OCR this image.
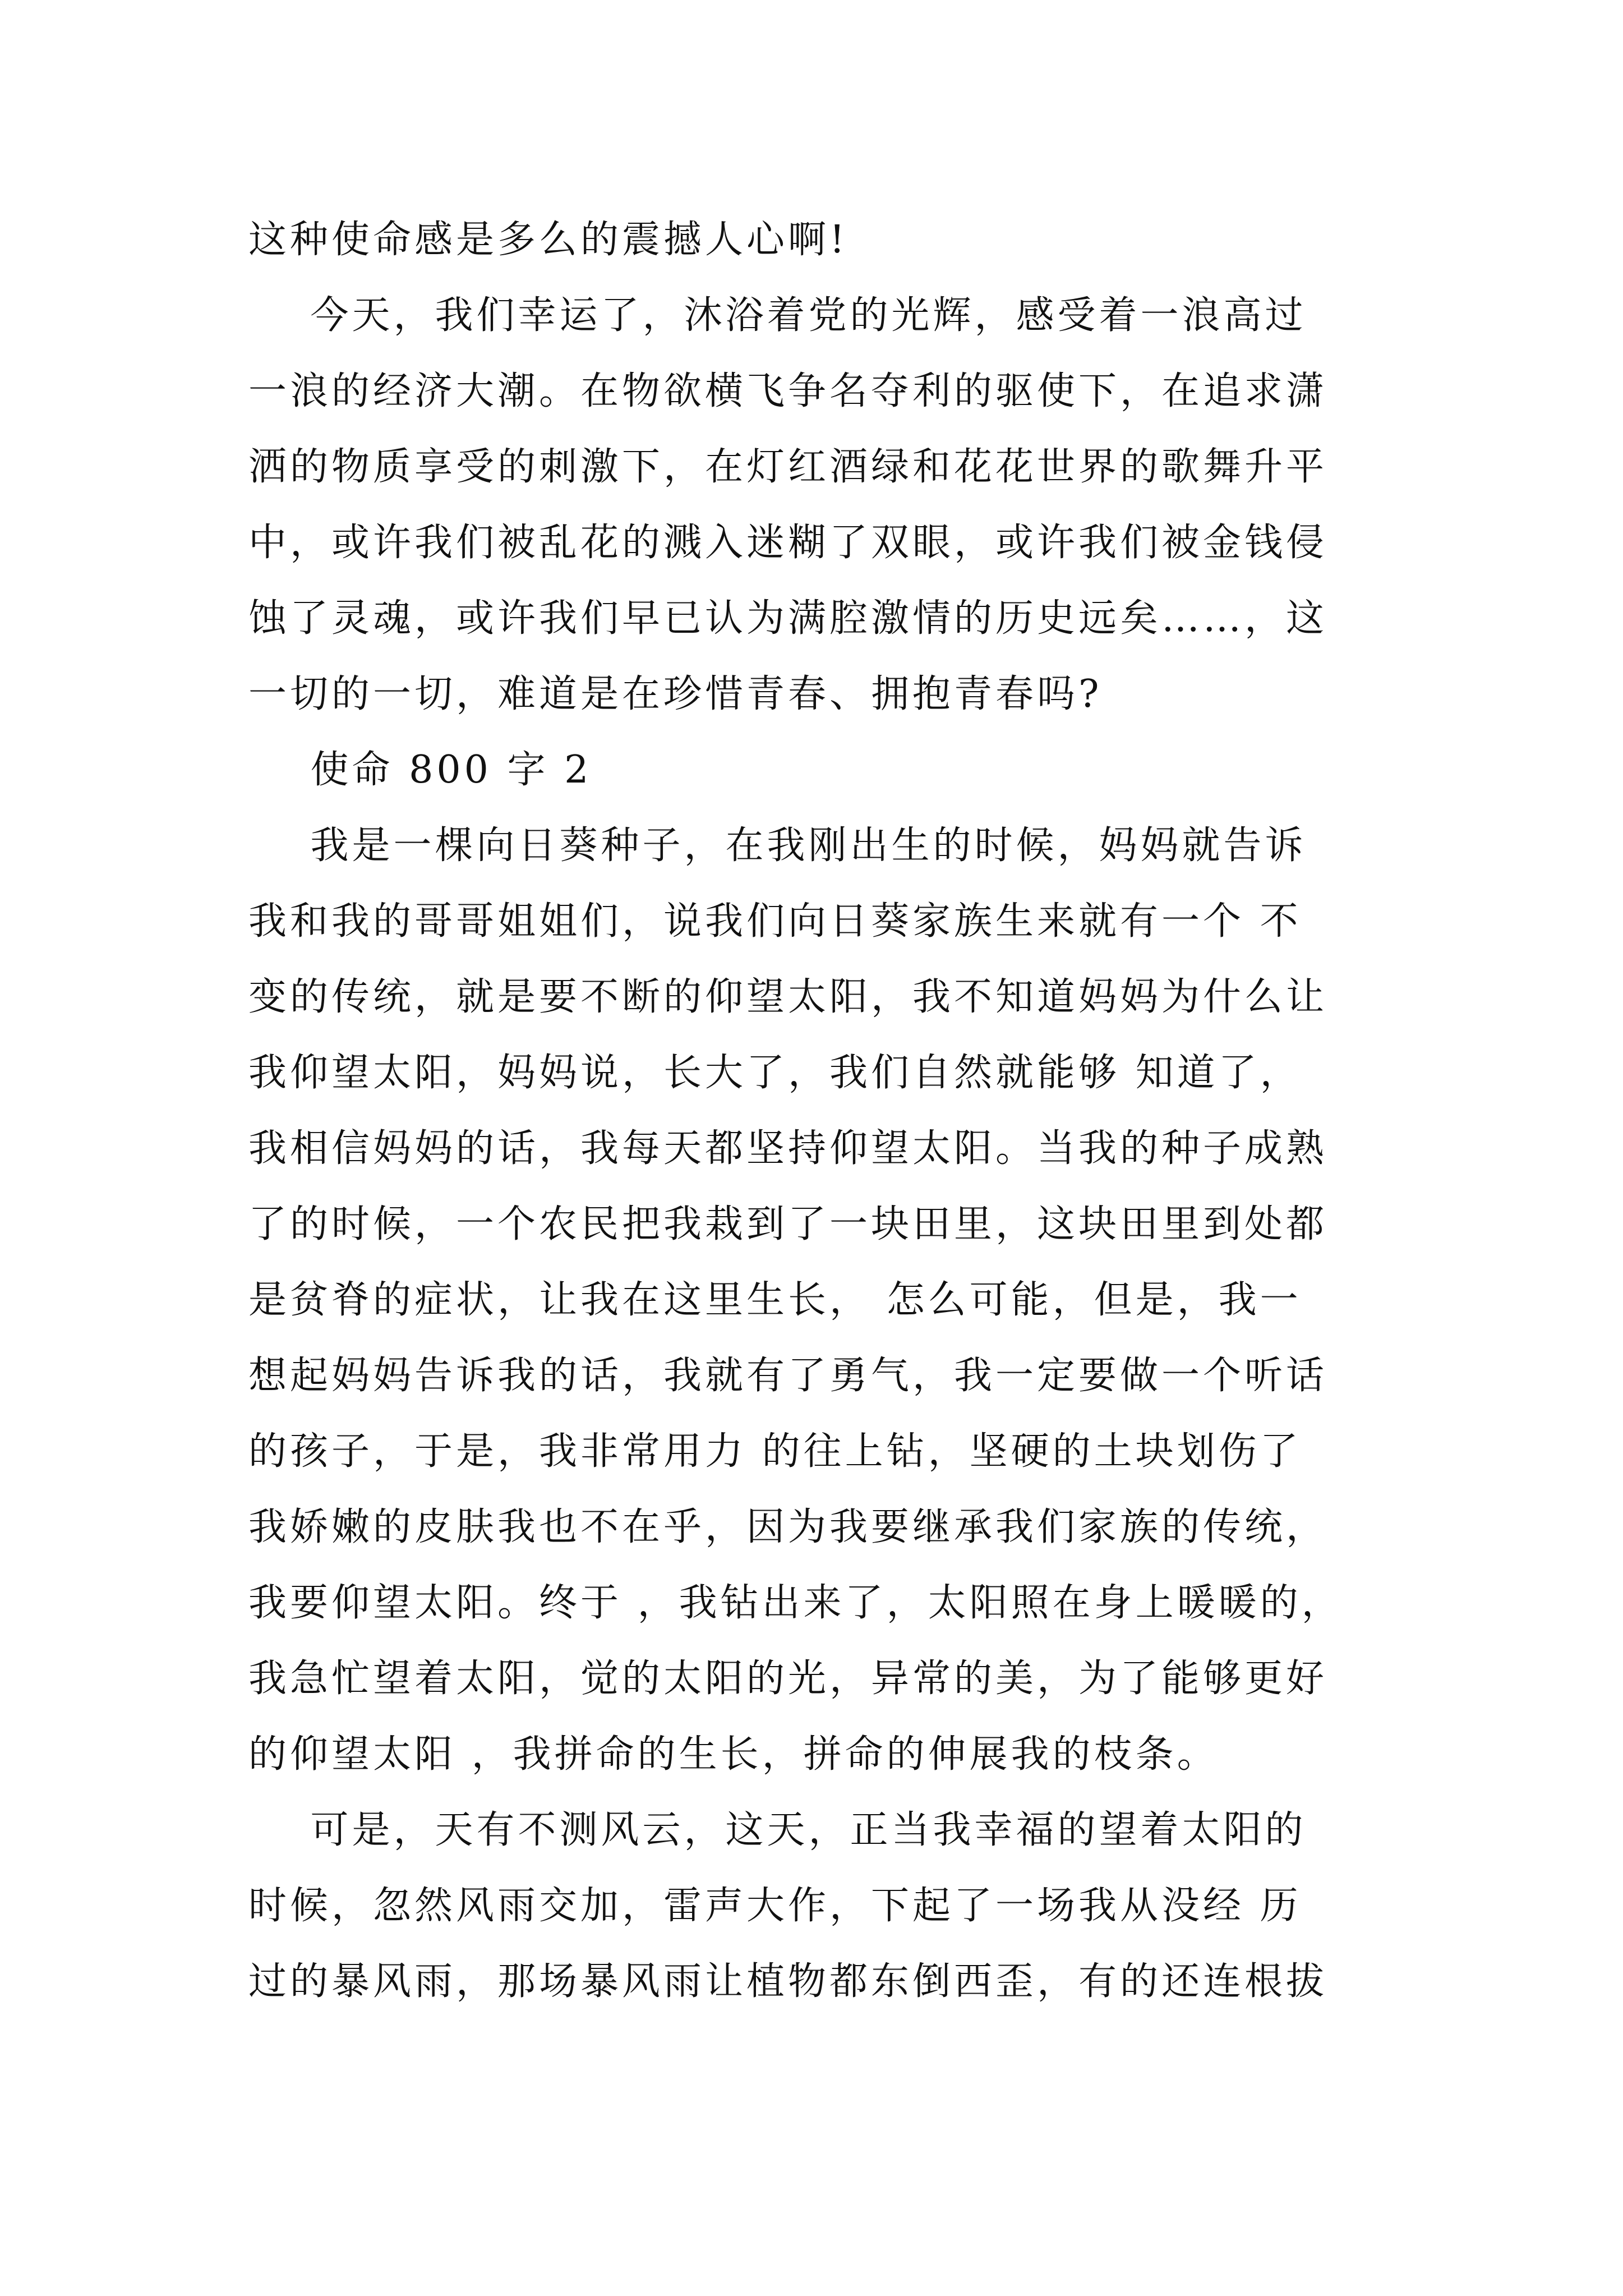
这种使命感是多么的震撼人心啊!
今天，我们幸运了，沐浴着党的光辉，感受着一浪高过
一浪的经济大潮。在物欲横飞争名夺利的驱使下，在追求潇
洒的物质享受的刺激下，在灯红酒绿和花花世界的歌舞升平
中，或许我们被乱花的溅入迷糊了双眼，或许我们被金钱侵
蚀了灵魂，或许我们早已认为满腔激情的历史远矣……，这
一切的一切，难道是在珍惜青春、拥抱青春吗?
使命 800 字 2
我是一棵向日葵种子，在我刚出生的时候，妈妈就告诉
我和我的哥哥姐姐们，说我们向日葵家族生来就有一个 不
变的传统，就是要不断的仰望太阳，我不知道妈妈为什么让
我仰望太阳，妈妈说，长大了，我们自然就能够 知道了，
我相信妈妈的话，我每天都坚持仰望太阳。当我的种子成熟
了的时候，一个农民把我栽到了一块田里，这块田里到处都
是贫脊的症状，让我在这里生长， 怎么可能，但是，我一
想起妈妈告诉我的话，我就有了勇气，我一定要做一个听话
的孩子，于是，我非常用力 的往上钻，坚硬的土块划伤了
我娇嫩的皮肤我也不在乎，因为我要继承我们家族的传统，
我要仰望太阳。终于 ，我钻出来了，太阳照在身上暖暖的，
我急忙望着太阳，觉的太阳的光，异常的美，为了能够更好
的仰望太阳 ，我拼命的生长，拼命的伸展我的枝条。
可是，天有不测风云，这天，正当我幸福的望着太阳的
时候，忽然风雨交加，雷声大作，下起了一场我从没经 历
过的暴风雨，那场暴风雨让植物都东倒西歪，有的还连根拔
